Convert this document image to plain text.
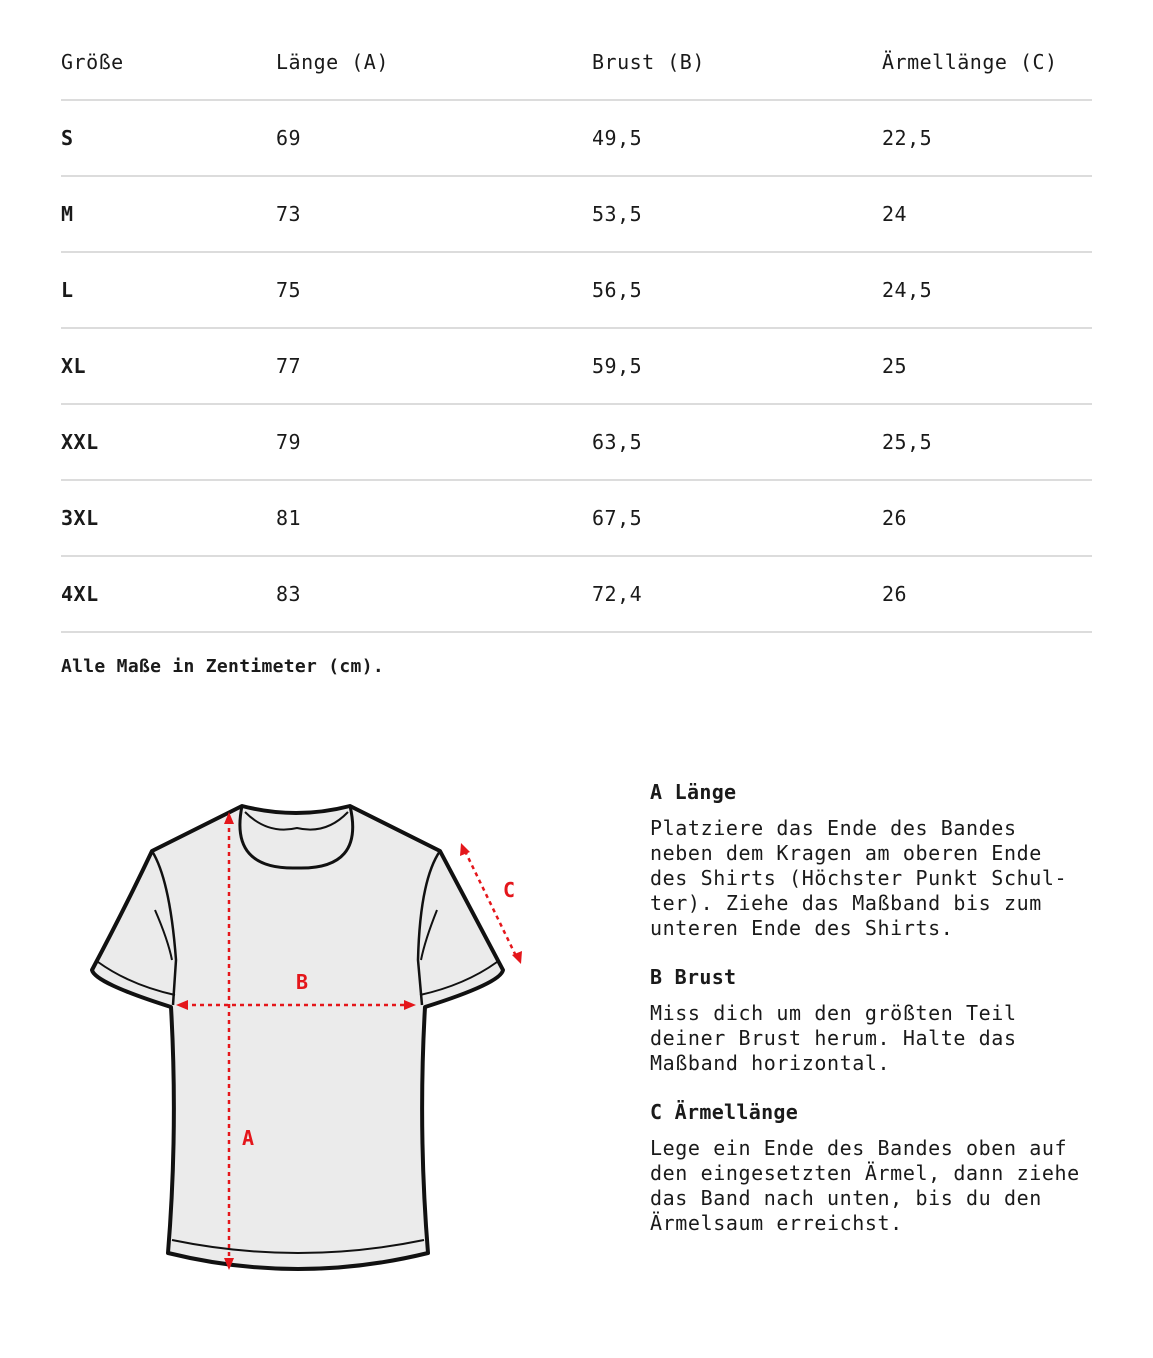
Größe	Länge (A)	Brust (B)	Ärmellänge (C)
S	69	49,5	22,5
M	73	53,5	24
L	75	56,5	24,5
XL	77	59,5	25
XXL	79	63,5	25,5
3XL	81	67,5	26
4XL	83	72,4	26
Alle Maße in Zentimeter (cm).
A
B
C

A Länge

Platziere das Ende des Bandes
neben dem Kragen am oberen Ende
des Shirts (Höchster Punkt Schul-
ter). Ziehe das Maßband bis zum
unteren Ende des Shirts.

B Brust

Miss dich um den größten Teil
deiner Brust herum. Halte das
Maßband horizontal.

C Ärmellänge

Lege ein Ende des Bandes oben auf
den eingesetzten Ärmel, dann ziehe
das Band nach unten, bis du den
Ärmelsaum erreichst.
